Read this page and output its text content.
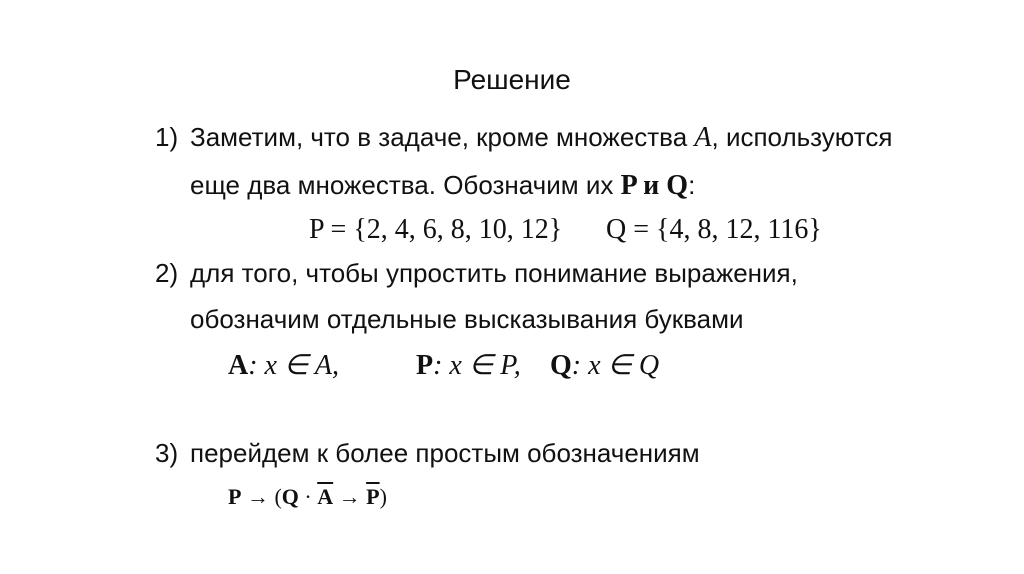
Решение
1) Заметим, что в задаче, кроме множества A, используются
еще два множества. Обозначим их P и Q:
P = {2, 4, 6, 8, 10, 12} Q = {4, 8, 12, 116}
2) для того, чтобы упростить понимание выражения,
обозначим отдельные высказывания буквами
A: x ∈ A,	P: x ∈ P, Q: x ∈ Q
3) перейдем к более простым обозначениям
$P \to (Q \cdot \overline{A} \to \overline{P})$
